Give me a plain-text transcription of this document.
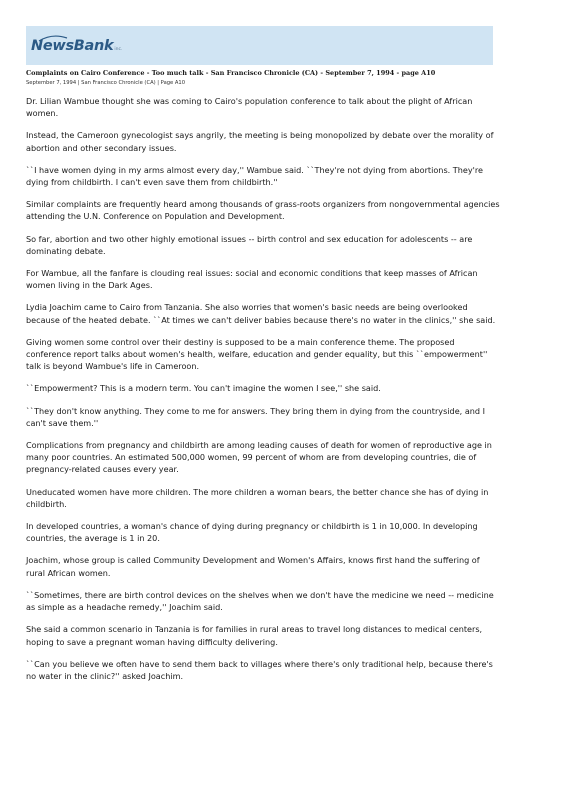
NewsBank inc.
Complaints on Cairo Conference - Too much talk - San Francisco Chronicle (CA) - September 7, 1994 - page A10
September 7, 1994 | San Francisco Chronicle (CA) | Page A10

Dr. Lilian Wambue thought she was coming to Cairo's population conference to talk about the plight of African women.

Instead, the Cameroon gynecologist says angrily, the meeting is being monopolized by debate over the morality of abortion and other secondary issues.

``I have women dying in my arms almost every day,'' Wambue said. ``They're not dying from abortions. They're dying from childbirth. I can't even save them from childbirth.''

Similar complaints are frequently heard among thousands of grass-roots organizers from nongovernmental agencies attending the U.N. Conference on Population and Development.

So far, abortion and two other highly emotional issues -- birth control and sex education for adolescents -- are dominating debate.

For Wambue, all the fanfare is clouding real issues: social and economic conditions that keep masses of African women living in the Dark Ages.

Lydia Joachim came to Cairo from Tanzania. She also worries that women's basic needs are being overlooked because of the heated debate. ``At times we can't deliver babies because there's no water in the clinics,'' she said.

Giving women some control over their destiny is supposed to be a main conference theme. The proposed conference report talks about women's health, welfare, education and gender equality, but this ``empowerment'' talk is beyond Wambue's life in Cameroon.

``Empowerment? This is a modern term. You can't imagine the women I see,'' she said.

``They don't know anything. They come to me for answers. They bring them in dying from the countryside, and I can't save them.''

Complications from pregnancy and childbirth are among leading causes of death for women of reproductive age in many poor countries. An estimated 500,000 women, 99 percent of whom are from developing countries, die of pregnancy-related causes every year.

Uneducated women have more children. The more children a woman bears, the better chance she has of dying in childbirth.

In developed countries, a woman's chance of dying during pregnancy or childbirth is 1 in 10,000. In developing countries, the average is 1 in 20.

Joachim, whose group is called Community Development and Women's Affairs, knows first hand the suffering of rural African women.

``Sometimes, there are birth control devices on the shelves when we don't have the medicine we need -- medicine as simple as a headache remedy,'' Joachim said.

She said a common scenario in Tanzania is for families in rural areas to travel long distances to medical centers, hoping to save a pregnant woman having difficulty delivering.

``Can you believe we often have to send them back to villages where there's only traditional help, because there's no water in the clinic?'' asked Joachim.
